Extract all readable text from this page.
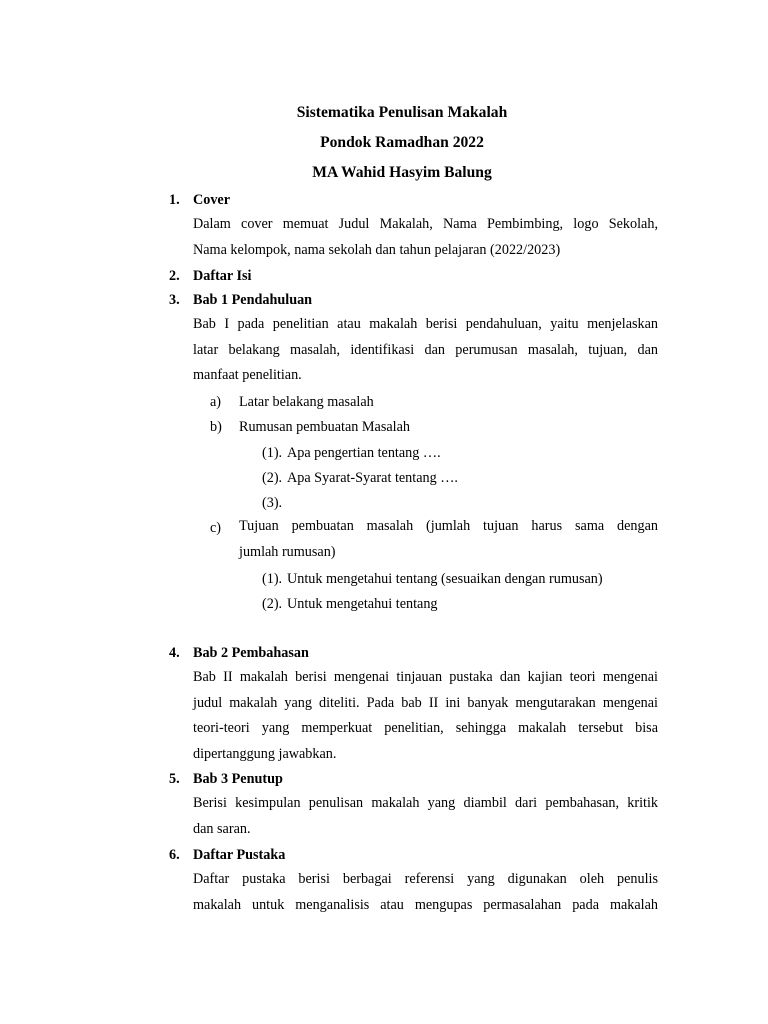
Sistematika Penulisan Makalah
Pondok Ramadhan 2022
MA Wahid Hasyim Balung
1. Cover
Dalam cover memuat Judul Makalah, Nama Pembimbing, logo Sekolah,
Nama kelompok, nama sekolah dan tahun pelajaran (2022/2023)
2. Daftar Isi
3. Bab 1 Pendahuluan
Bab I pada penelitian atau makalah berisi pendahuluan, yaitu menjelaskan
latar belakang masalah, identifikasi dan perumusan masalah, tujuan, dan
manfaat penelitian.
a) Latar belakang masalah
b) Rumusan pembuatan Masalah
(1). Apa pengertian tentang ….
(2). Apa Syarat-Syarat tentang ….
(3).
c) Tujuan pembuatan masalah (jumlah tujuan harus sama dengan
jumlah rumusan)
(1). Untuk mengetahui tentang (sesuaikan dengan rumusan)
(2). Untuk mengetahui tentang
4. Bab 2 Pembahasan
Bab II makalah berisi mengenai tinjauan pustaka dan kajian teori mengenai
judul makalah yang diteliti. Pada bab II ini banyak mengutarakan mengenai
teori-teori yang memperkuat penelitian, sehingga makalah tersebut bisa
dipertanggung jawabkan.
5. Bab 3 Penutup
Berisi kesimpulan penulisan makalah yang diambil dari pembahasan, kritik
dan saran.
6. Daftar Pustaka
Daftar pustaka berisi berbagai referensi yang digunakan oleh penulis
makalah untuk menganalisis atau mengupas permasalahan pada makalah
